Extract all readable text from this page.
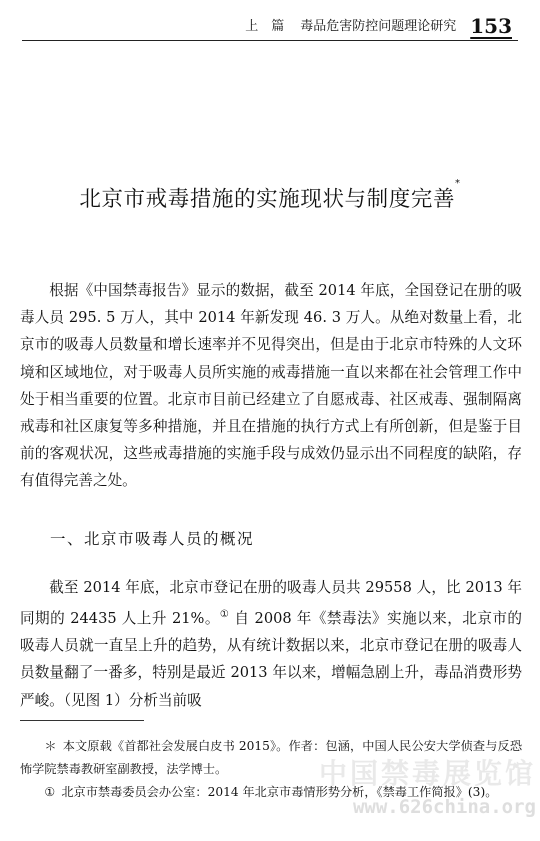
上　篇 毒品危害防控问题理论研究 153
北京市戒毒措施的实施现状与制度完善*

根据《中国禁毒报告》显示的数据，截至 2014 年底，全国登记在册的吸毒人员 295. 5 万人，其中 2014 年新发现 46. 3 万人。从绝对数量上看，北京市的吸毒人员数量和增长速率并不见得突出，但是由于北京市特殊的人文环境和区域地位，对于吸毒人员所实施的戒毒措施一直以来都在社会管理工作中处于相当重要的位置。北京市目前已经建立了自愿戒毒、社区戒毒、强制隔离戒毒和社区康复等多种措施，并且在措施的执行方式上有所创新，但是鉴于目前的客观状况，这些戒毒措施的实施手段与成效仍显示出不同程度的缺陷，存有值得完善之处。

一、北京市吸毒人员的概况

截至 2014 年底，北京市登记在册的吸毒人员共 29558 人，比 2013 年同期的 24435 人上升 21%。① 自 2008 年《禁毒法》实施以来，北京市的吸毒人员就一直呈上升的趋势，从有统计数据以来，北京市登记在册的吸毒人员数量翻了一番多，特别是最近 2013 年以来，增幅急剧上升，毒品消费形势严峻。（见图 1）分析当前吸

＊ 本文原载《首都社会发展白皮书 2015》。作者：包涵，中国人民公安大学侦查与反恐怖学院禁毒教研室副教授，法学博士。

① 北京市禁毒委员会办公室：2014 年北京市毒情形势分析，《禁毒工作简报》(3)。

中国禁毒展览馆
www.626china.org
